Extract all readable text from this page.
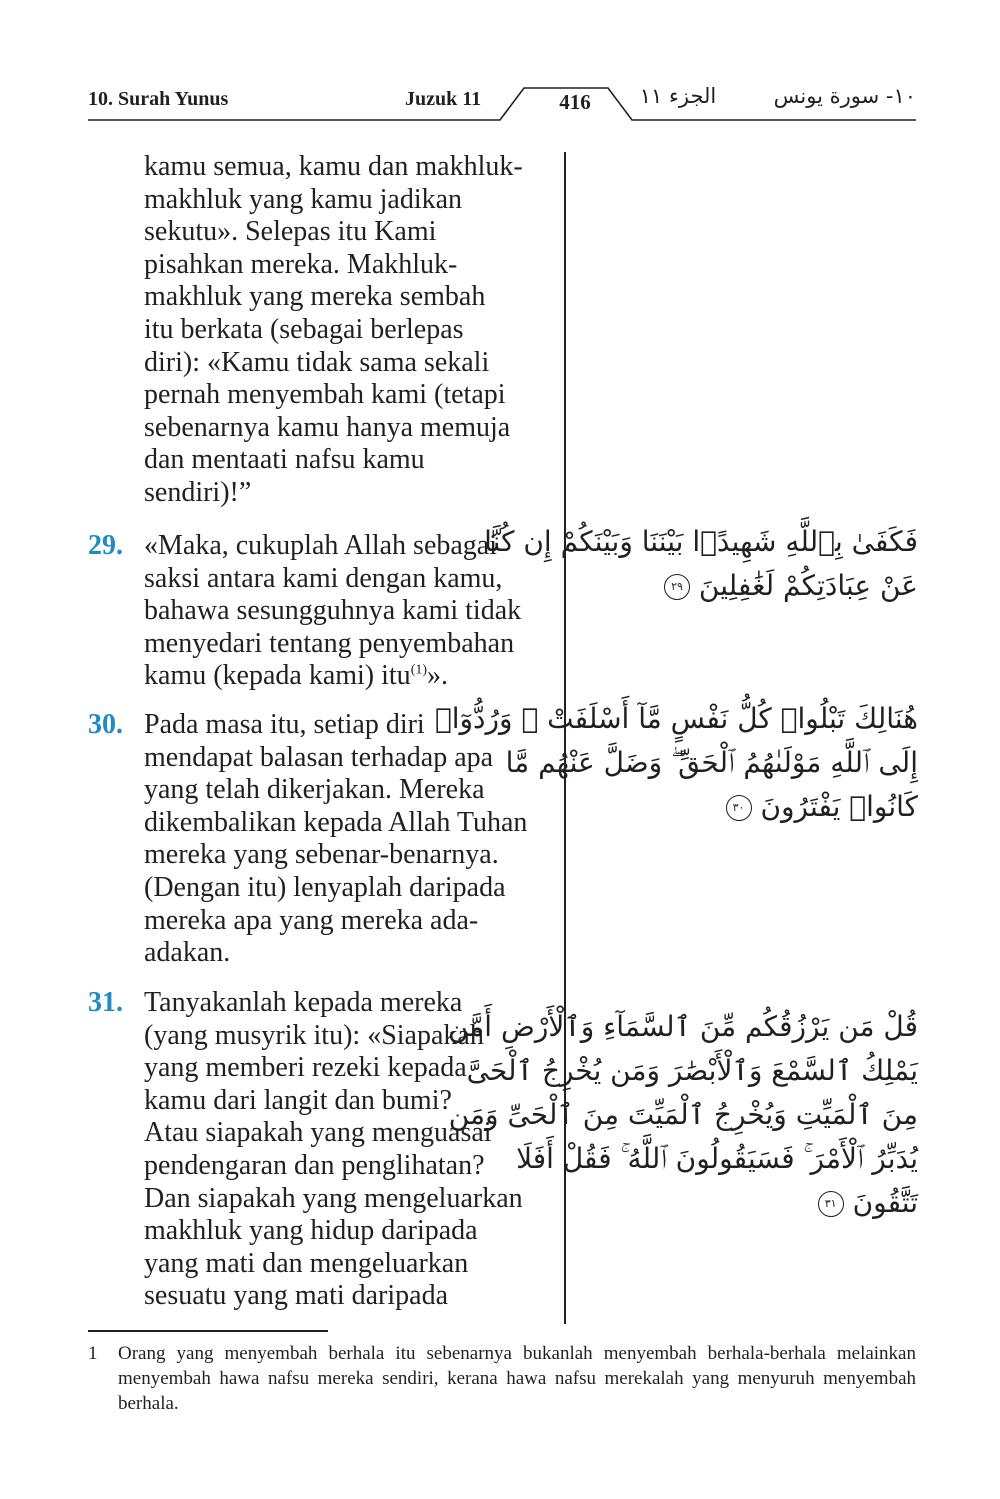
10. Surah Yunus	Juzuk 11	416	الجزء ١١	١٠- سورة يونس

kamu semua, kamu dan makhluk-
makhluk yang kamu jadikan
sekutu». Selepas itu Kami
pisahkan mereka. Makhluk-
makhluk yang mereka sembah
itu berkata (sebagai berlepas
diri): «Kamu tidak sama sekali
pernah menyembah kami (tetapi
sebenarnya kamu hanya memuja
dan mentaati nafsu kamu
sendiri)!”

29. «Maka, cukuplah Allah sebagai
saksi antara kami dengan kamu,
bahawa sesungguhnya kami tidak
menyedari tentang penyembahan
kamu (kepada kami) itu$^{(1)}$».

فَكَفَىٰ بِٱللَّهِ شَهِيدًۢا بَيْنَنَا وَبَيْنَكُمْ إِن كُنَّا
عَنْ عِبَادَتِكُمْ لَغَٰفِلِينَ ٢٩
30. Pada masa itu, setiap diri
mendapat balasan terhadap apa
yang telah dikerjakan. Mereka
dikembalikan kepada Allah Tuhan
mereka yang sebenar-benarnya.
(Dengan itu) lenyaplah daripada
mereka apa yang mereka ada-
adakan.

هُنَالِكَ تَبْلُوا۟ كُلُّ نَفْسٍ مَّآ أَسْلَفَتْ ۚ وَرُدُّوٓا۟
إِلَى ٱللَّهِ مَوْلَىٰهُمُ ٱلْحَقِّ ۖ وَضَلَّ عَنْهُم مَّا
كَانُوا۟ يَفْتَرُونَ ٣٠
31. Tanyakanlah kepada mereka
(yang musyrik itu): «Siapakah
yang memberi rezeki kepada
kamu dari langit dan bumi?
Atau siapakah yang menguasai
pendengaran dan penglihatan?
Dan siapakah yang mengeluarkan
makhluk yang hidup daripada
yang mati dan mengeluarkan
sesuatu yang mati daripada

قُلْ مَن يَرْزُقُكُم مِّنَ ٱلسَّمَآءِ وَٱلْأَرْضِ أَمَّن
يَمْلِكُ ٱلسَّمْعَ وَٱلْأَبْصَٰرَ وَمَن يُخْرِجُ ٱلْحَىَّ
مِنَ ٱلْمَيِّتِ وَيُخْرِجُ ٱلْمَيِّتَ مِنَ ٱلْحَىِّ وَمَن
يُدَبِّرُ ٱلْأَمْرَ ۚ فَسَيَقُولُونَ ٱللَّهُ ۚ فَقُلْ أَفَلَا
تَتَّقُونَ ٣١
1 Orang yang menyembah berhala itu sebenarnya bukanlah menyembah berhala-berhala melainkan menyembah hawa nafsu mereka sendiri, kerana hawa nafsu merekalah yang menyuruh menyembah berhala.
